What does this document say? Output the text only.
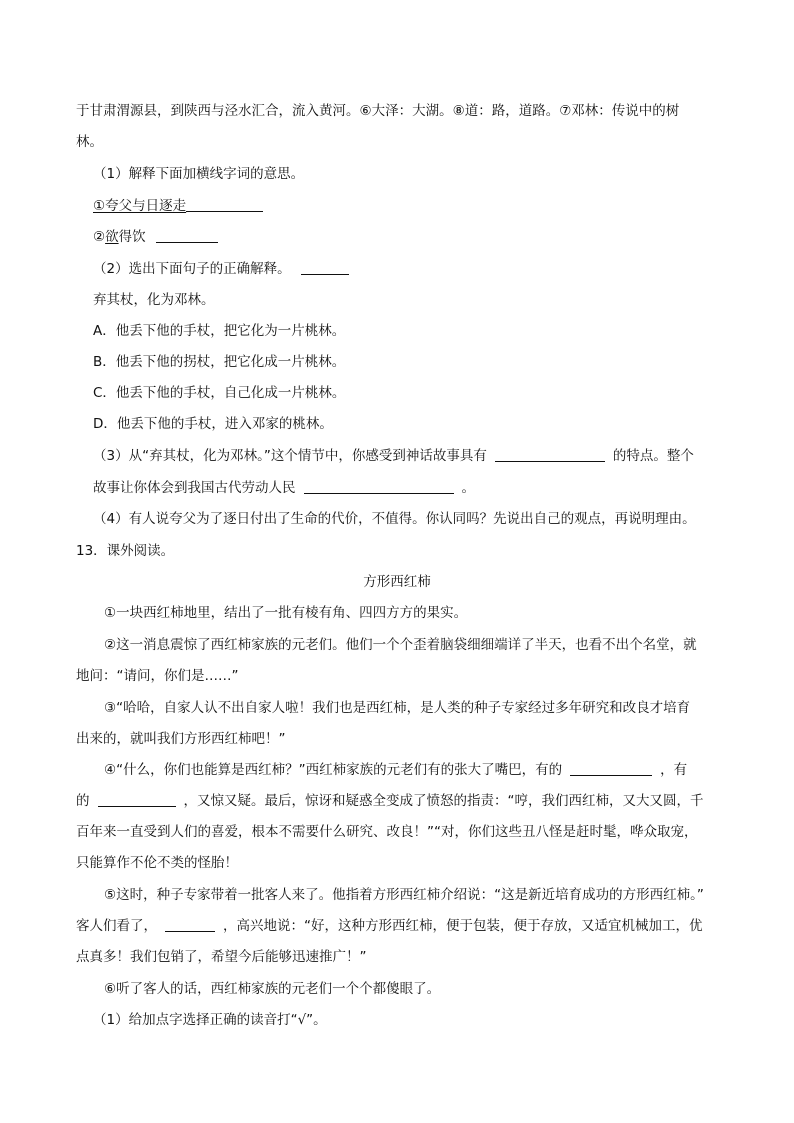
于甘肃渭源县，到陕西与泾水汇合，流入黄河。⑥大泽：大湖。⑧道：路，道路。⑦邓林：传说中的树
林。
（1）解释下面加横线字词的意思。
①夸父与日逐走
②欲得饮
（2）选出下面句子的正确解释。
弃其杖，化为邓林。
A．他丢下他的手杖，把它化为一片桃林。
B．他丢下他的拐杖，把它化成一片桃林。
C．他丢下他的手杖，自己化成一片桃林。
D．他丢下他的手杖，进入邓家的桃林。
（3）从“弃其杖，化为邓林。”这个情节中，你感受到神话故事具有	的特点。整个
故事让你体会到我国古代劳动人民	。
（4）有人说夸父为了逐日付出了生命的代价，不值得。你认同吗？先说出自己的观点，再说明理由。
13．课外阅读。
方形西红柿
①一块西红柿地里，结出了一批有棱有角、四四方方的果实。
②这一消息震惊了西红柿家族的元老们。他们一个个歪着脑袋细细端详了半天，也看不出个名堂，就
地问：“请问，你们是……”
③“哈哈，自家人认不出自家人啦！我们也是西红柿，是人类的种子专家经过多年研究和改良才培育
出来的，就叫我们方形西红柿吧！”
④“什么，你们也能算是西红柿？”西红柿家族的元老们有的张大了嘴巴，有的	，有
的	，又惊又疑。最后，惊讶和疑惑全变成了愤怒的指责：“哼，我们西红柿，又大又圆，千
百年来一直受到人们的喜爱，根本不需要什么研究、改良！”“对，你们这些丑八怪是赶时髦，哗众取宠，
只能算作不伦不类的怪胎！
⑤这时，种子专家带着一批客人来了。他指着方形西红柿介绍说：“这是新近培育成功的方形西红柿。”
客人们看了，	，高兴地说：“好，这种方形西红柿，便于包装，便于存放，又适宜机械加工，优
点真多！我们包销了，希望今后能够迅速推广！”
⑥听了客人的话，西红柿家族的元老们一个个都傻眼了。
（1）给加点字选择正确的读音打“√”。
